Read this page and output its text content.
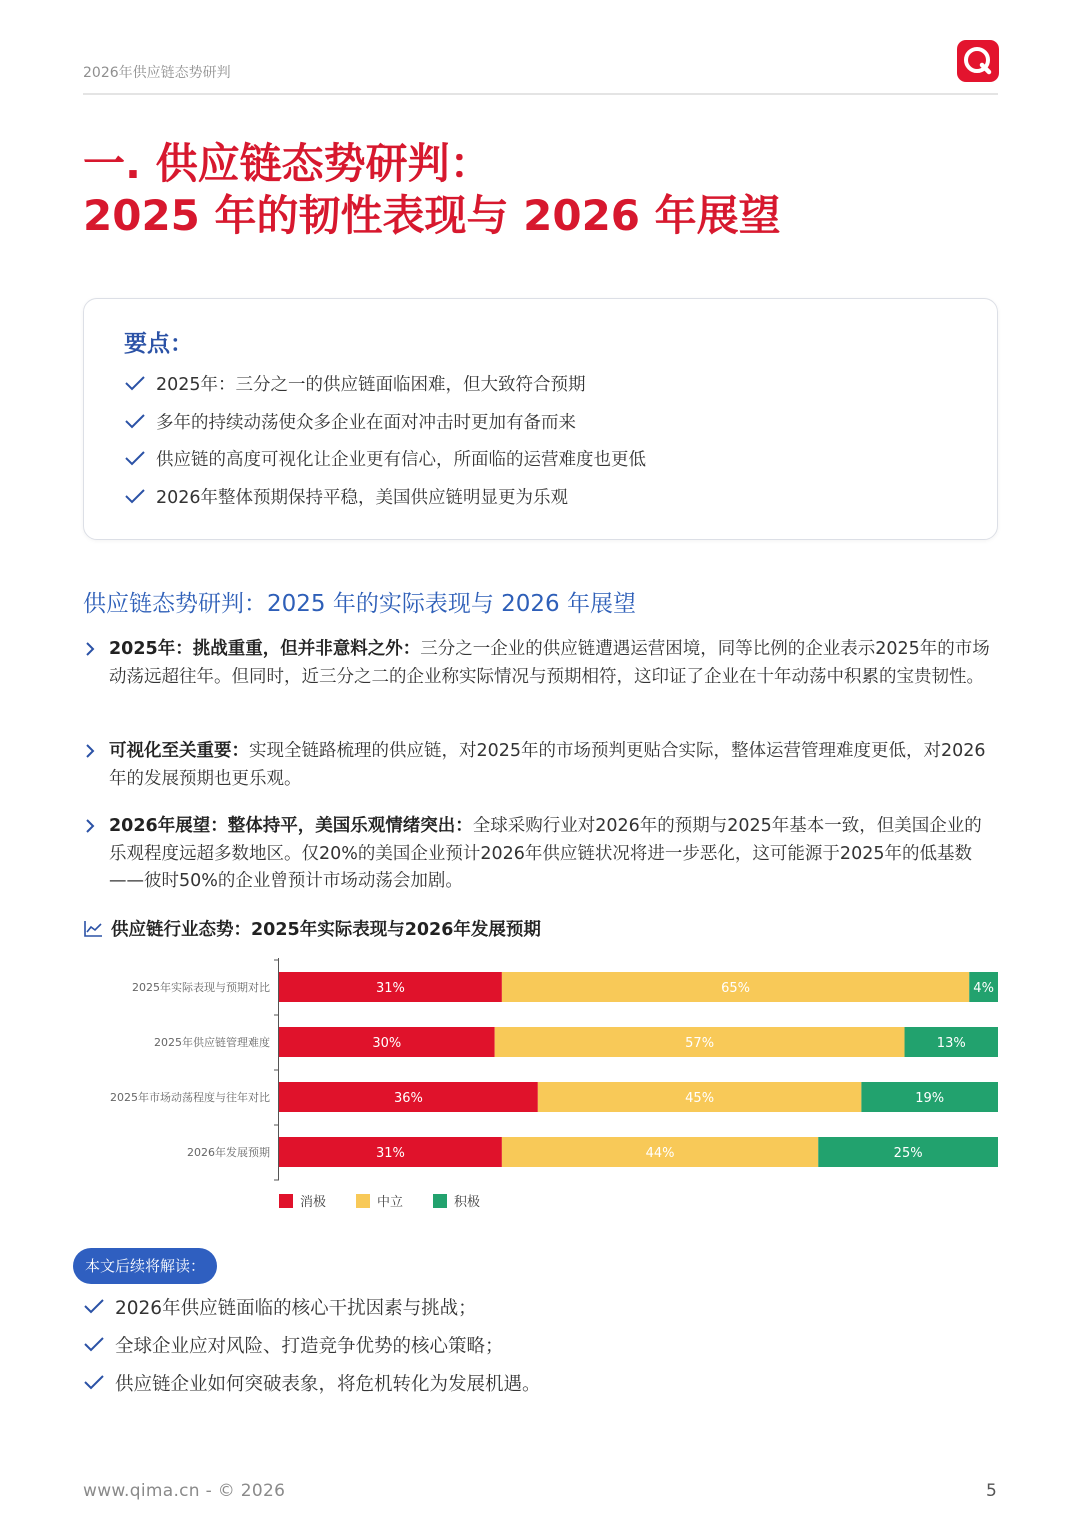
2026年供应链态势研判
一. 供应链态势研判：
2025 年的韧性表现与 2026 年展望
要点：
2025年：三分之一的供应链面临困难，但大致符合预期
多年的持续动荡使众多企业在面对冲击时更加有备而来
供应链的高度可视化让企业更有信心，所面临的运营难度也更低
2026年整体预期保持平稳，美国供应链明显更为乐观
供应链态势研判：2025 年的实际表现与 2026 年展望
2025年：挑战重重，但并非意料之外：三分之一企业的供应链遭遇运营困境，同等比例的企业表示2025年的市场动荡远超往年。但同时，近三分之二的企业称实际情况与预期相符，这印证了企业在十年动荡中积累的宝贵韧性。
可视化至关重要：实现全链路梳理的供应链，对2025年的市场预判更贴合实际，整体运营管理难度更低，对2026年的发展预期也更乐观。
2026年展望：整体持平，美国乐观情绪突出：全球采购行业对2026年的预期与2025年基本一致，但美国企业的乐观程度远超多数地区。仅20%的美国企业预计2026年供应链状况将进一步恶化，这可能源于2025年的低基数——彼时50%的企业曾预计市场动荡会加剧。
供应链行业态势：2025年实际表现与2026年发展预期
2025年实际表现与预期对比	31%	65%	4%
2025年供应链管理难度	30%	57%	13%
2025年市场动荡程度与往年对比	36%	45%	19%
2026年发展预期	31%	44%	25%
消极	中立	积极
本文后续将解读：
2026年供应链面临的核心干扰因素与挑战；
全球企业应对风险、打造竞争优势的核心策略；
供应链企业如何突破表象，将危机转化为发展机遇。
www.qima.cn - © 2026	5
